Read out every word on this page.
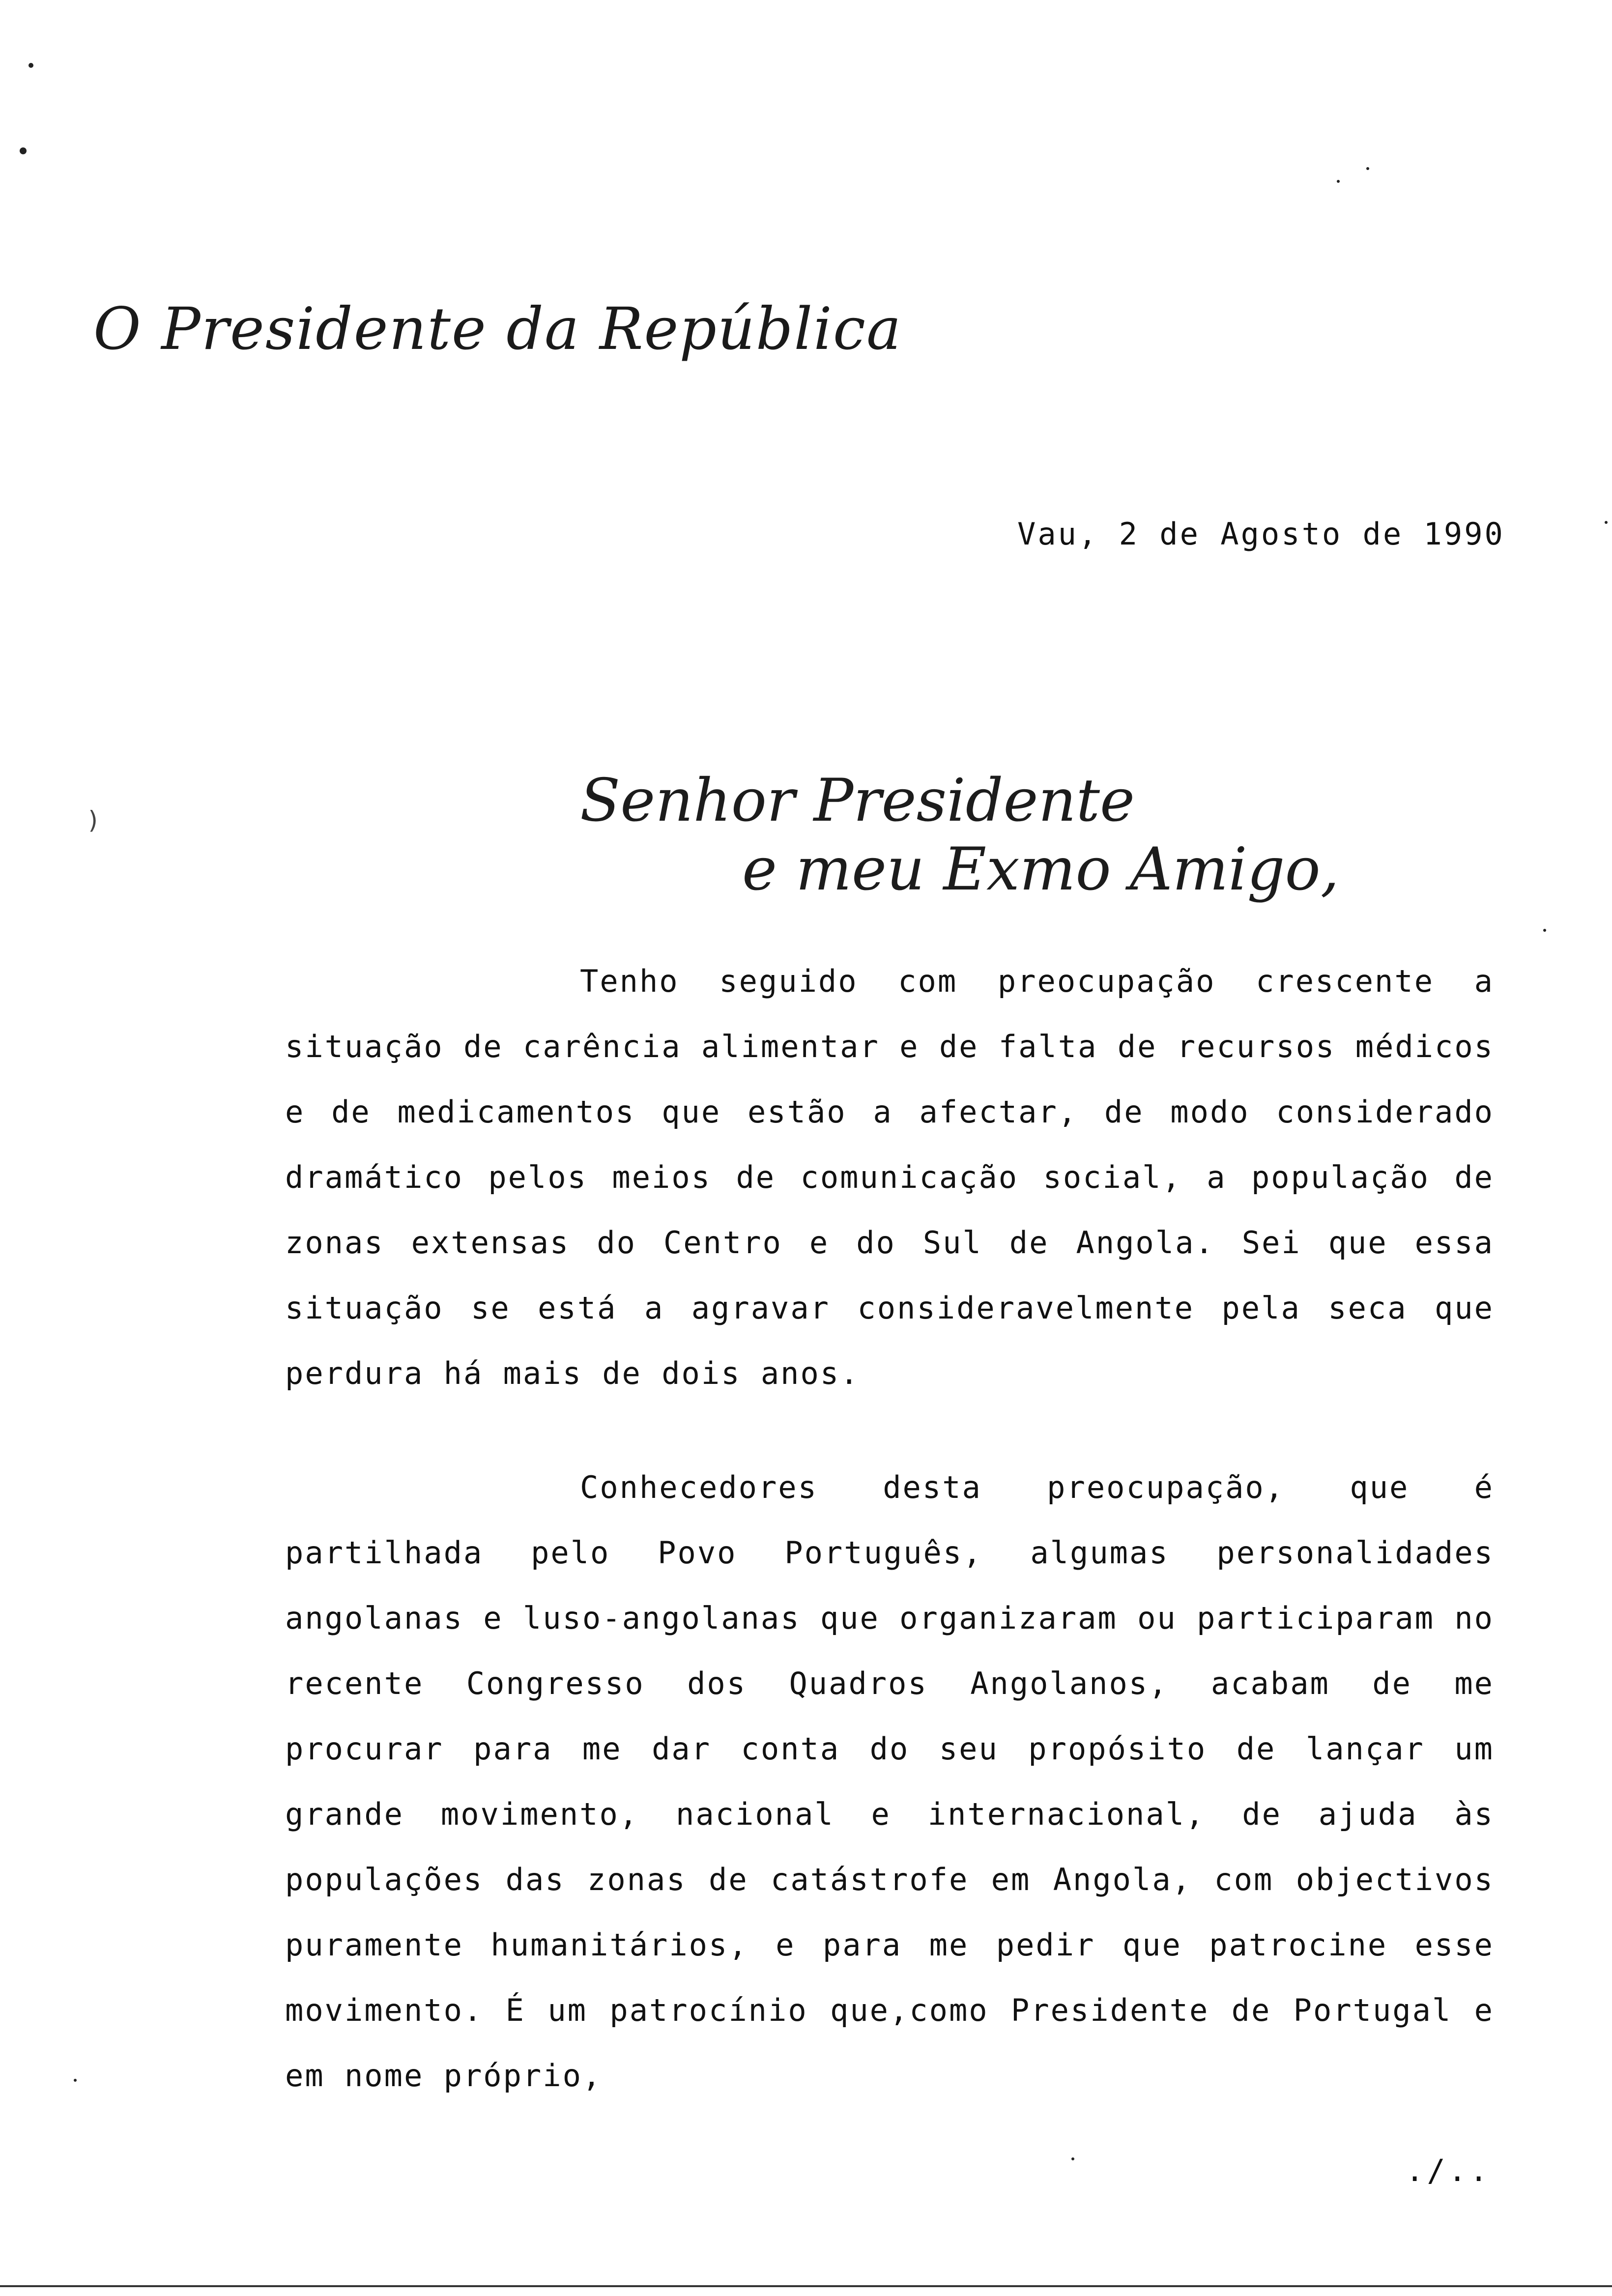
O Presidente da República
Vau, 2 de Agosto de 1990
)	Senhor Presidente
e meu Exmo Amigo,
Tenho seguido com preocupação crescente a situação de carência alimentar e de falta de recursos médicos e de medicamentos que estão a afectar, de modo considerado dramático pelos meios de comunicação social, a população de zonas extensas do Centro e do Sul de Angola. Sei que essa situação se está a agravar consideravelmente pela seca que perdura há mais de dois anos.
Conhecedores desta preocupação, que é partilhada pelo Povo Português, algumas personalidades angolanas e luso-angolanas que organizaram ou participaram no recente Congresso dos Quadros Angolanos, acabam de me procurar para me dar conta do seu propósito de lançar um grande movimento, nacional e internacional, de ajuda às populações das zonas de catástrofe em Angola, com objectivos puramente humanitários, e para me pedir que patrocine esse movimento. É um patrocínio que,como Presidente de Portugal e em nome próprio,
./..
